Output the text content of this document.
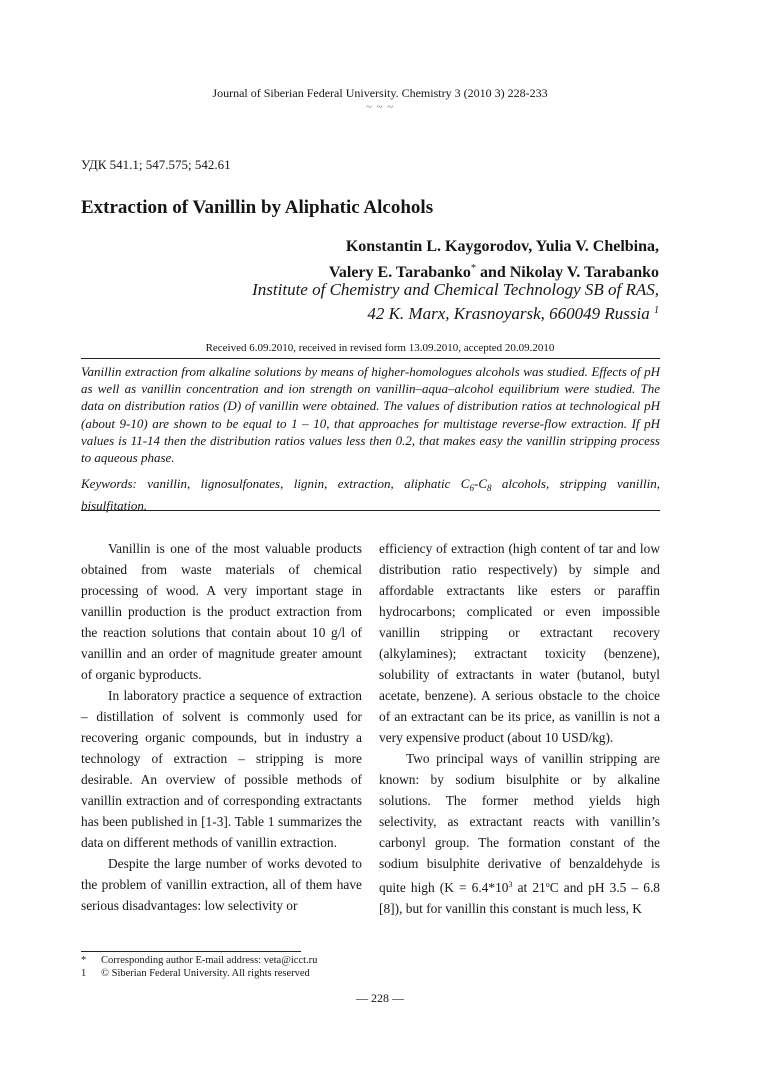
Journal of Siberian Federal University. Chemistry 3 (2010 3) 228-233
~ ~ ~
УДК 541.1; 547.575; 542.61
Extraction of Vanillin by Aliphatic Alcohols
Konstantin L. Kaygorodov, Yulia V. Chelbina,
Valery E. Tarabanko* and Nikolay V. Tarabanko
Institute of Chemistry and Chemical Technology SB of RAS,
42 K. Marx, Krasnoyarsk, 660049 Russia $^1$
Received 6.09.2010, received in revised form 13.09.2010, accepted 20.09.2010
Vanillin extraction from alkaline solutions by means of higher-homologues alcohols was studied. Effects of pH as well as vanillin concentration and ion strength on vanillin–aqua–alcohol equilibrium were studied. The data on distribution ratios (D) of vanillin were obtained. The values of distribution ratios at technological pH (about 9-10) are shown to be equal to 1 – 10, that approaches for multistage reverse-flow extraction. If pH values is 11-14 then the distribution ratios values less then 0.2, that makes easy the vanillin stripping process to aqueous phase.
Keywords: vanillin, lignosulfonates, lignin, extraction, aliphatic $C_6-C_8$ alcohols, stripping vanillin, bisulfitation.

Vanillin is one of the most valuable products obtained from waste materials of chemical processing of wood. A very important stage in vanillin production is the product extraction from the reaction solutions that contain about 10 g/l of vanillin and an order of magnitude greater amount of organic byproducts.

In laboratory practice a sequence of extraction – distillation of solvent is commonly used for recovering organic compounds, but in industry a technology of extraction – stripping is more desirable. An overview of possible methods of vanillin extraction and of corresponding extractants has been published in [1-3]. Table 1 summarizes the data on different methods of vanillin extraction.

Despite the large number of works devoted to the problem of vanillin extraction, all of them have serious disadvantages: low selectivity or

efficiency of extraction (high content of tar and low distribution ratio respectively) by simple and affordable extractants like esters or paraffin hydrocarbons; complicated or even impossible vanillin stripping or extractant recovery (alkylamines); extractant toxicity (benzene), solubility of extractants in water (butanol, butyl acetate, benzene). A serious obstacle to the choice of an extractant can be its price, as vanillin is not a very expensive product (about 10 USD/kg).

Two principal ways of vanillin stripping are known: by sodium bisulphite or by alkaline solutions. The former method yields high selectivity, as extractant reacts with vanillin’s carbonyl group. The formation constant of the sodium bisulphite derivative of benzaldehyde is quite high ($K = 6.4*10^3$ at 21$^o$C and pH 3.5 – 6.8 [8]), but for vanillin this constant is much less, K

* Corresponding author E-mail address: veta@icct.ru
1 © Siberian Federal University. All rights reserved
— 228 —
